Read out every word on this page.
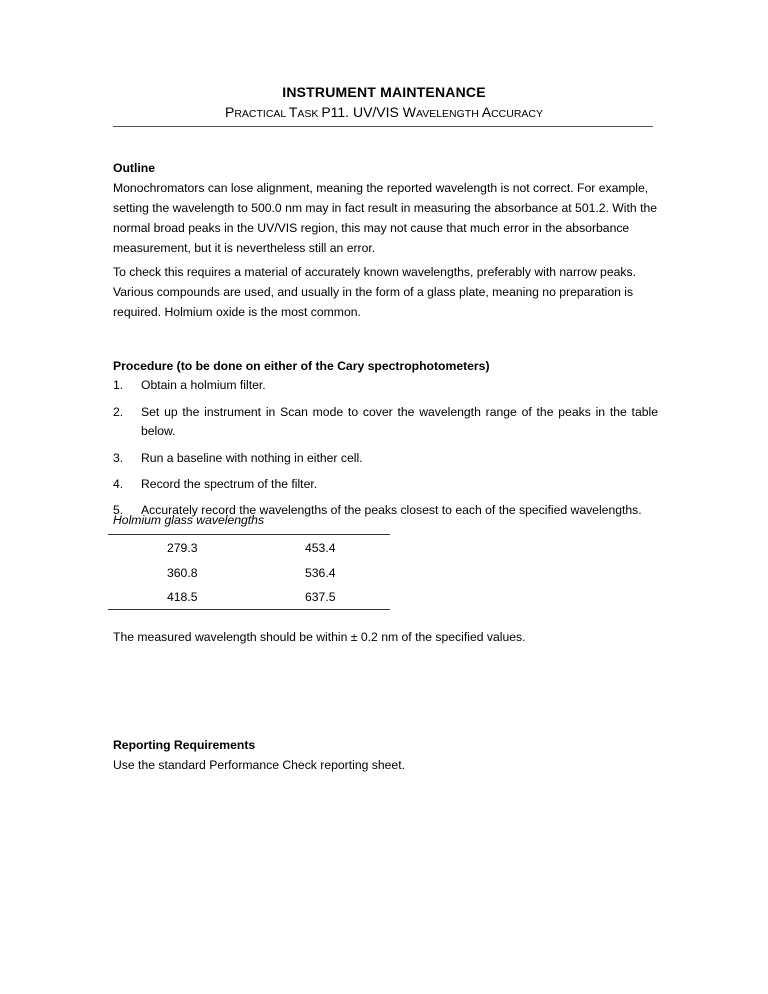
INSTRUMENT MAINTENANCE
PRACTICAL TASK P11. UV/VIS WAVELENGTH ACCURACY
Outline

Monochromators can lose alignment, meaning the reported wavelength is not correct. For example, setting the wavelength to 500.0 nm may in fact result in measuring the absorbance at 501.2. With the normal broad peaks in the UV/VIS region, this may not cause that much error in the absorbance measurement, but it is nevertheless still an error.

To check this requires a material of accurately known wavelengths, preferably with narrow peaks. Various compounds are used, and usually in the form of a glass plate, meaning no preparation is required. Holmium oxide is the most common.

Procedure (to be done on either of the Cary spectrophotometers)
1.	Obtain a holmium filter.
2.	Set up the instrument in Scan mode to cover the wavelength range of the peaks in the table below.
3.	Run a baseline with nothing in either cell.
4.	Record the spectrum of the filter.
5.	Accurately record the wavelengths of the peaks closest to each of the specified wavelengths.
Holmium glass wavelengths
279.3	453.4
360.8	536.4
418.5	637.5

The measured wavelength should be within ± 0.2 nm of the specified values.

Reporting Requirements

Use the standard Performance Check reporting sheet.
